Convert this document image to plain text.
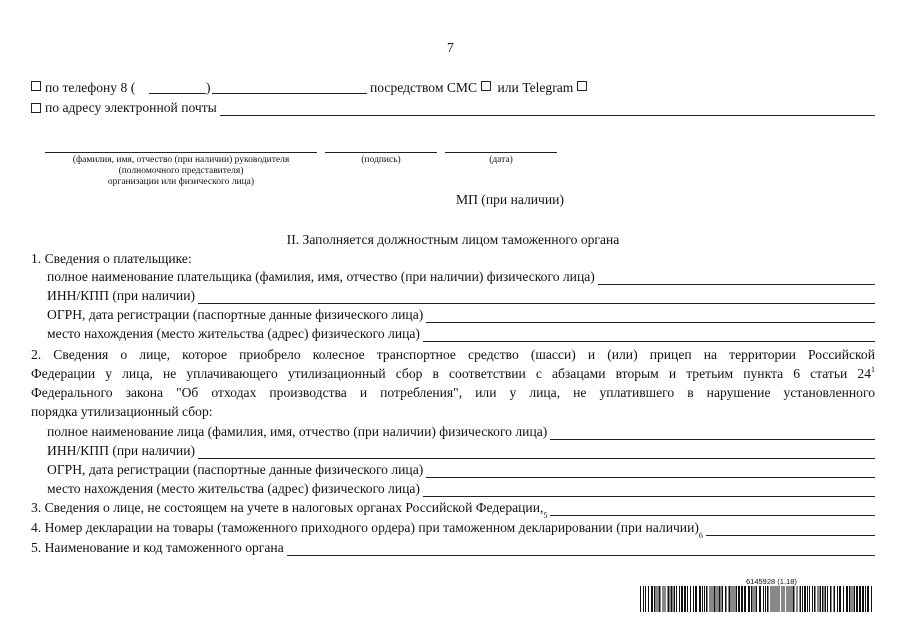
7
по телефону 8 (	)	посредством СМС или Telegram
по адресу электронной почты
(фамилия, имя, отчество (при наличии) руководителя
(полномочного представителя)
организации или физического лица)
(подпись)	(дата)
МП (при наличии)
II. Заполняется должностным лицом таможенного органа
1. Сведения о плательщике:
полное наименование плательщика (фамилия, имя, отчество (при наличии) физического лица)
ИНН/КПП (при наличии)
ОГРН, дата регистрации (паспортные данные физического лица)
место нахождения (место жительства (адрес) физического лица)
2. Сведения о лице, которое приобрело колесное транспортное средство (шасси) и (или) прицеп на территории Российской
Федерации у лица, не уплачивающего утилизационный сбор в соответствии с абзацами вторым и третьим пункта 6 статьи $24^1$
Федерального закона "Об отходах производства и потребления", или у лица, не уплатившего в нарушение установленного
порядка утилизационный сбор:
полное наименование лица (фамилия, имя, отчество (при наличии) физического лица)
ИНН/КПП (при наличии)
ОГРН, дата регистрации (паспортные данные физического лица)
место нахождения (место жительства (адрес) физического лица)
3. Сведения о лице, не состоящем на учете в налоговых органах Российской Федерации,
5
4. Номер декларации на товары (таможенного приходного ордера) при таможенном декларировании (при наличии)
6
5. Наименование и код таможенного органа
6145928 (1.18)
